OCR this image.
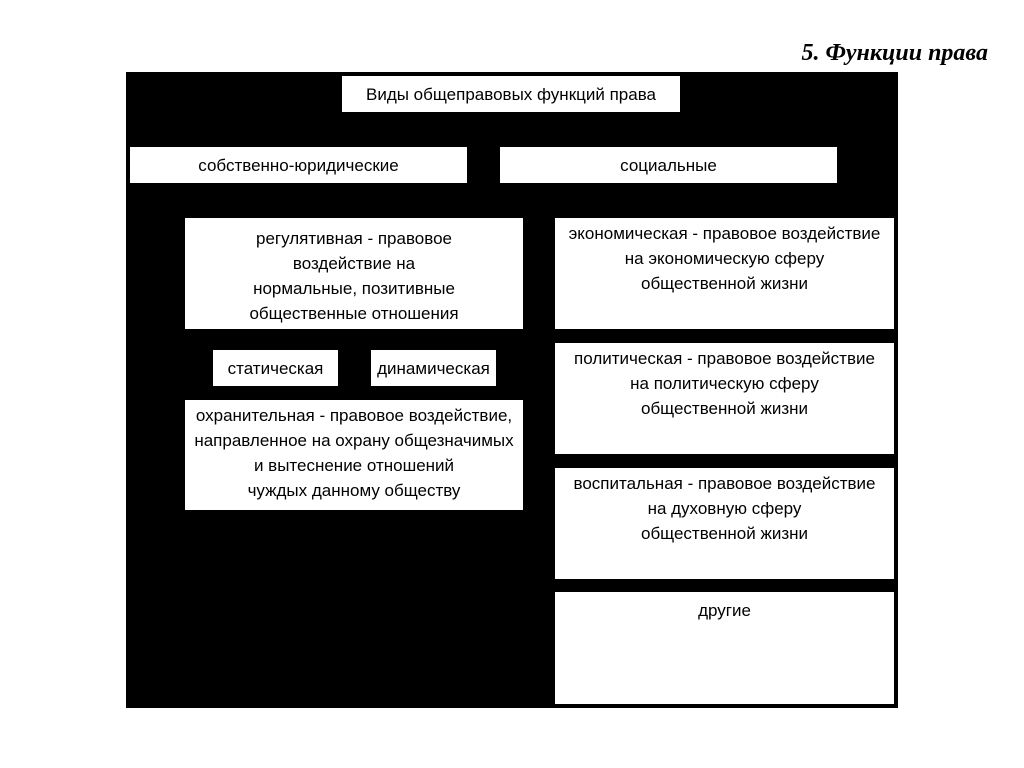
5. Функции права
Виды общеправовых функций права
собственно-юридические	социальные
регулятивная - правовое
воздействие на
нормальные, позитивные
общественные отношения
статическая	динамическая
охранительная - правовое воздействие,
направленное на охрану общезначимых
и вытеснение отношений
чуждых данному обществу
экономическая - правовое воздействие
на экономическую сферу
общественной жизни
политическая - правовое воздействие
на политическую сферу
общественной жизни
воспитальная - правовое воздействие
на духовную сферу
общественной жизни
другие
